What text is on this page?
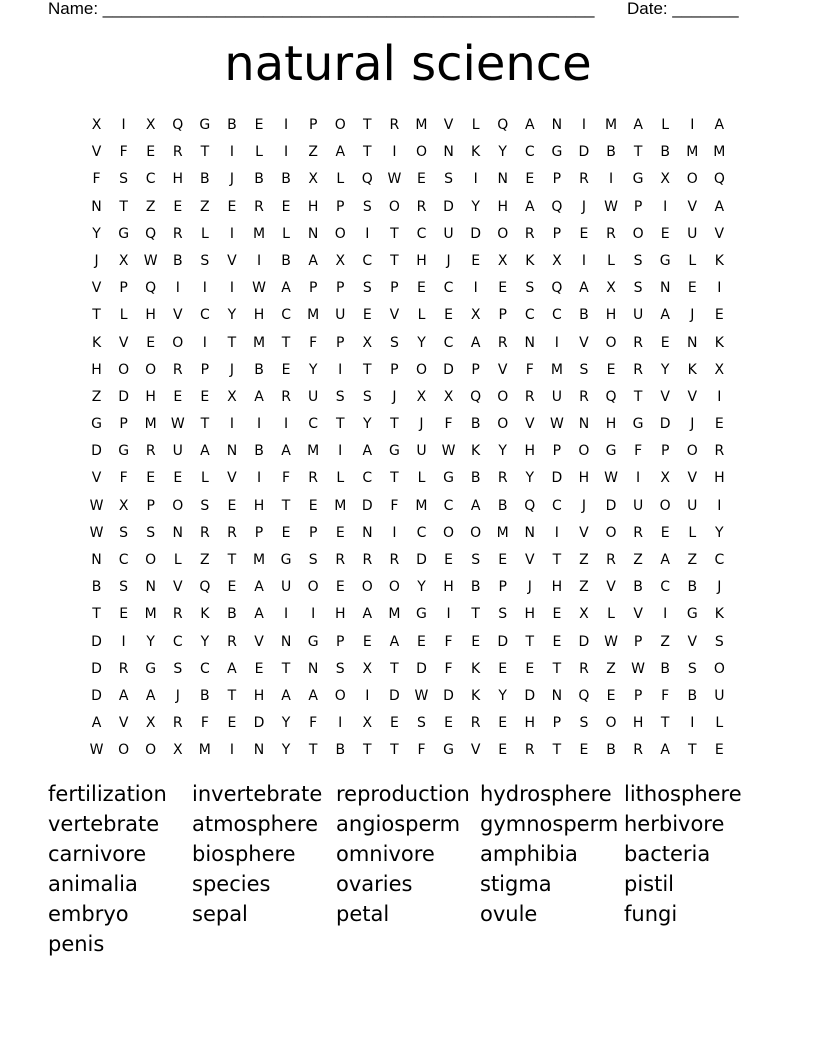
Name: ____________________________________________________ Date: _______
natural science
X	I	X	Q	G	B	E	I	P	O	T	R	M	V	L	Q	A	N	I	M	A	L	I	A
V	F	E	R	T	I	L	I	Z	A	T	I	O	N	K	Y	C	G	D	B	T	B	M	M
F	S	C	H	B	J	B	B	X	L	Q	W	E	S	I	N	E	P	R	I	G	X	O	Q
N	T	Z	E	Z	E	R	E	H	P	S	O	R	D	Y	H	A	Q	J	W	P	I	V	A
Y	G	Q	R	L	I	M	L	N	O	I	T	C	U	D	O	R	P	E	R	O	E	U	V
J	X	W	B	S	V	I	B	A	X	C	T	H	J	E	X	K	X	I	L	S	G	L	K
V	P	Q	I	I	I	W	A	P	P	S	P	E	C	I	E	S	Q	A	X	S	N	E	I
T	L	H	V	C	Y	H	C	M	U	E	V	L	E	X	P	C	C	B	H	U	A	J	E
K	V	E	O	I	T	M	T	F	P	X	S	Y	C	A	R	N	I	V	O	R	E	N	K
H	O	O	R	P	J	B	E	Y	I	T	P	O	D	P	V	F	M	S	E	R	Y	K	X
Z	D	H	E	E	X	A	R	U	S	S	J	X	X	Q	O	R	U	R	Q	T	V	V	I
G	P	M	W	T	I	I	I	C	T	Y	T	J	F	B	O	V	W	N	H	G	D	J	E
D	G	R	U	A	N	B	A	M	I	A	G	U	W	K	Y	H	P	O	G	F	P	O	R
V	F	E	E	L	V	I	F	R	L	C	T	L	G	B	R	Y	D	H	W	I	X	V	H
W	X	P	O	S	E	H	T	E	M	D	F	M	C	A	B	Q	C	J	D	U	O	U	I
W	S	S	N	R	R	P	E	P	E	N	I	C	O	O	M	N	I	V	O	R	E	L	Y
N	C	O	L	Z	T	M	G	S	R	R	R	D	E	S	E	V	T	Z	R	Z	A	Z	C
B	S	N	V	Q	E	A	U	O	E	O	O	Y	H	B	P	J	H	Z	V	B	C	B	J
T	E	M	R	K	B	A	I	I	H	A	M	G	I	T	S	H	E	X	L	V	I	G	K
D	I	Y	C	Y	R	V	N	G	P	E	A	E	F	E	D	T	E	D	W	P	Z	V	S
D	R	G	S	C	A	E	T	N	S	X	T	D	F	K	E	E	T	R	Z	W	B	S	O
D	A	A	J	B	T	H	A	A	O	I	D	W	D	K	Y	D	N	Q	E	P	F	B	U
A	V	X	R	F	E	D	Y	F	I	X	E	S	E	R	E	H	P	S	O	H	T	I	L
W	O	O	X	M	I	N	Y	T	B	T	T	F	G	V	E	R	T	E	B	R	A	T	E
fertilization	invertebrate reproduction hydrosphere lithosphere
vertebrate	atmosphere angiosperm gymnosperm herbivore
carnivore	biosphere	omnivore	amphibia	bacteria
animalia	species	ovaries	stigma	pistil
embryo	sepal	petal	ovule	fungi
penis
